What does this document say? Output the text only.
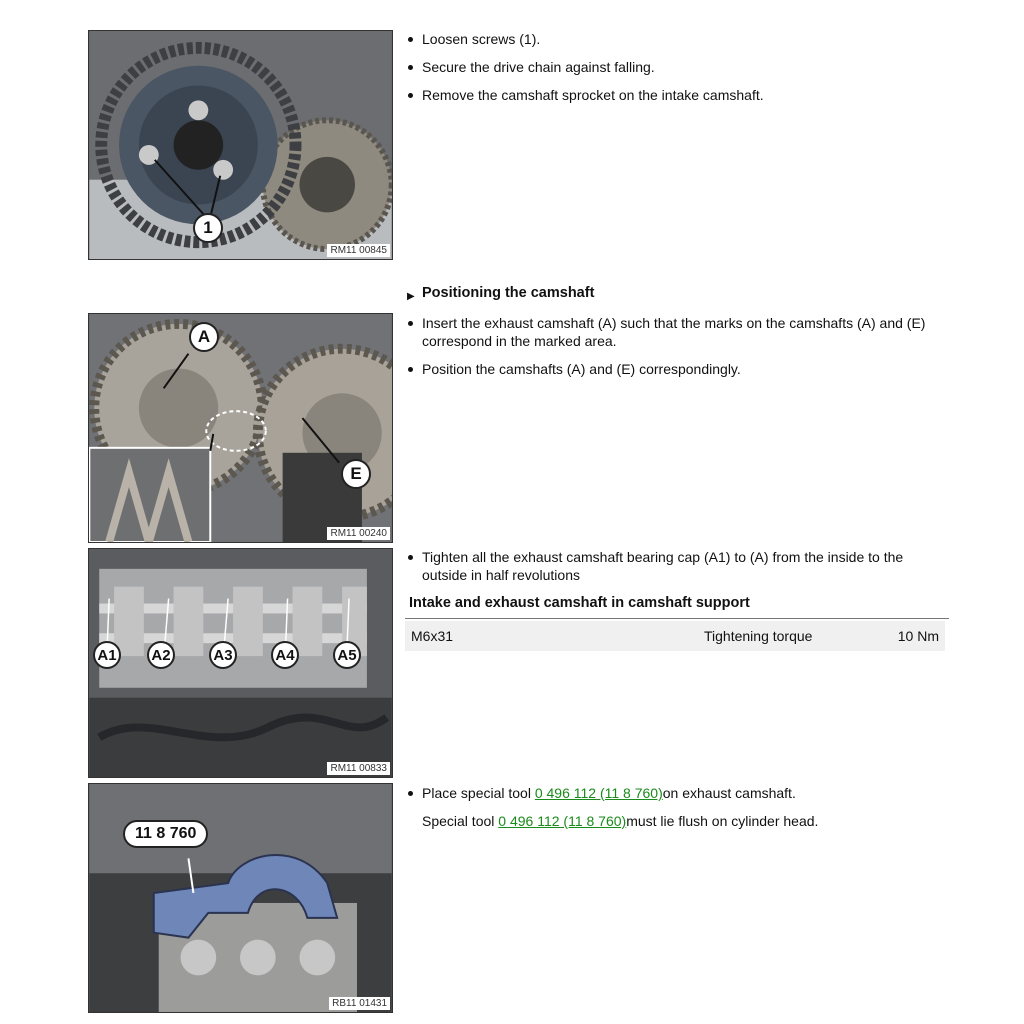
1
RM11 00845
Loosen screws (1).
Secure the drive chain against falling.
Remove the camshaft sprocket on the intake camshaft.
▶ Positioning the camshaft
A
E
RM11 00240
Insert the exhaust camshaft (A) such that the marks on the camshafts (A) and (E) correspond in the marked area.
Position the camshafts (A) and (E) correspondingly.
A1 A2	A3	A4	A5
RM11 00833
Tighten all the exhaust camshaft bearing cap (A1) to (A) from the inside to the outside in half revolutions
Intake and exhaust camshaft in camshaft support
M6x31	Tightening torque	10 Nm
11 8 760
RB11 01431
Place special tool 0 496 112 (11 8 760)on exhaust camshaft.
Special tool 0 496 112 (11 8 760)must lie flush on cylinder head.
